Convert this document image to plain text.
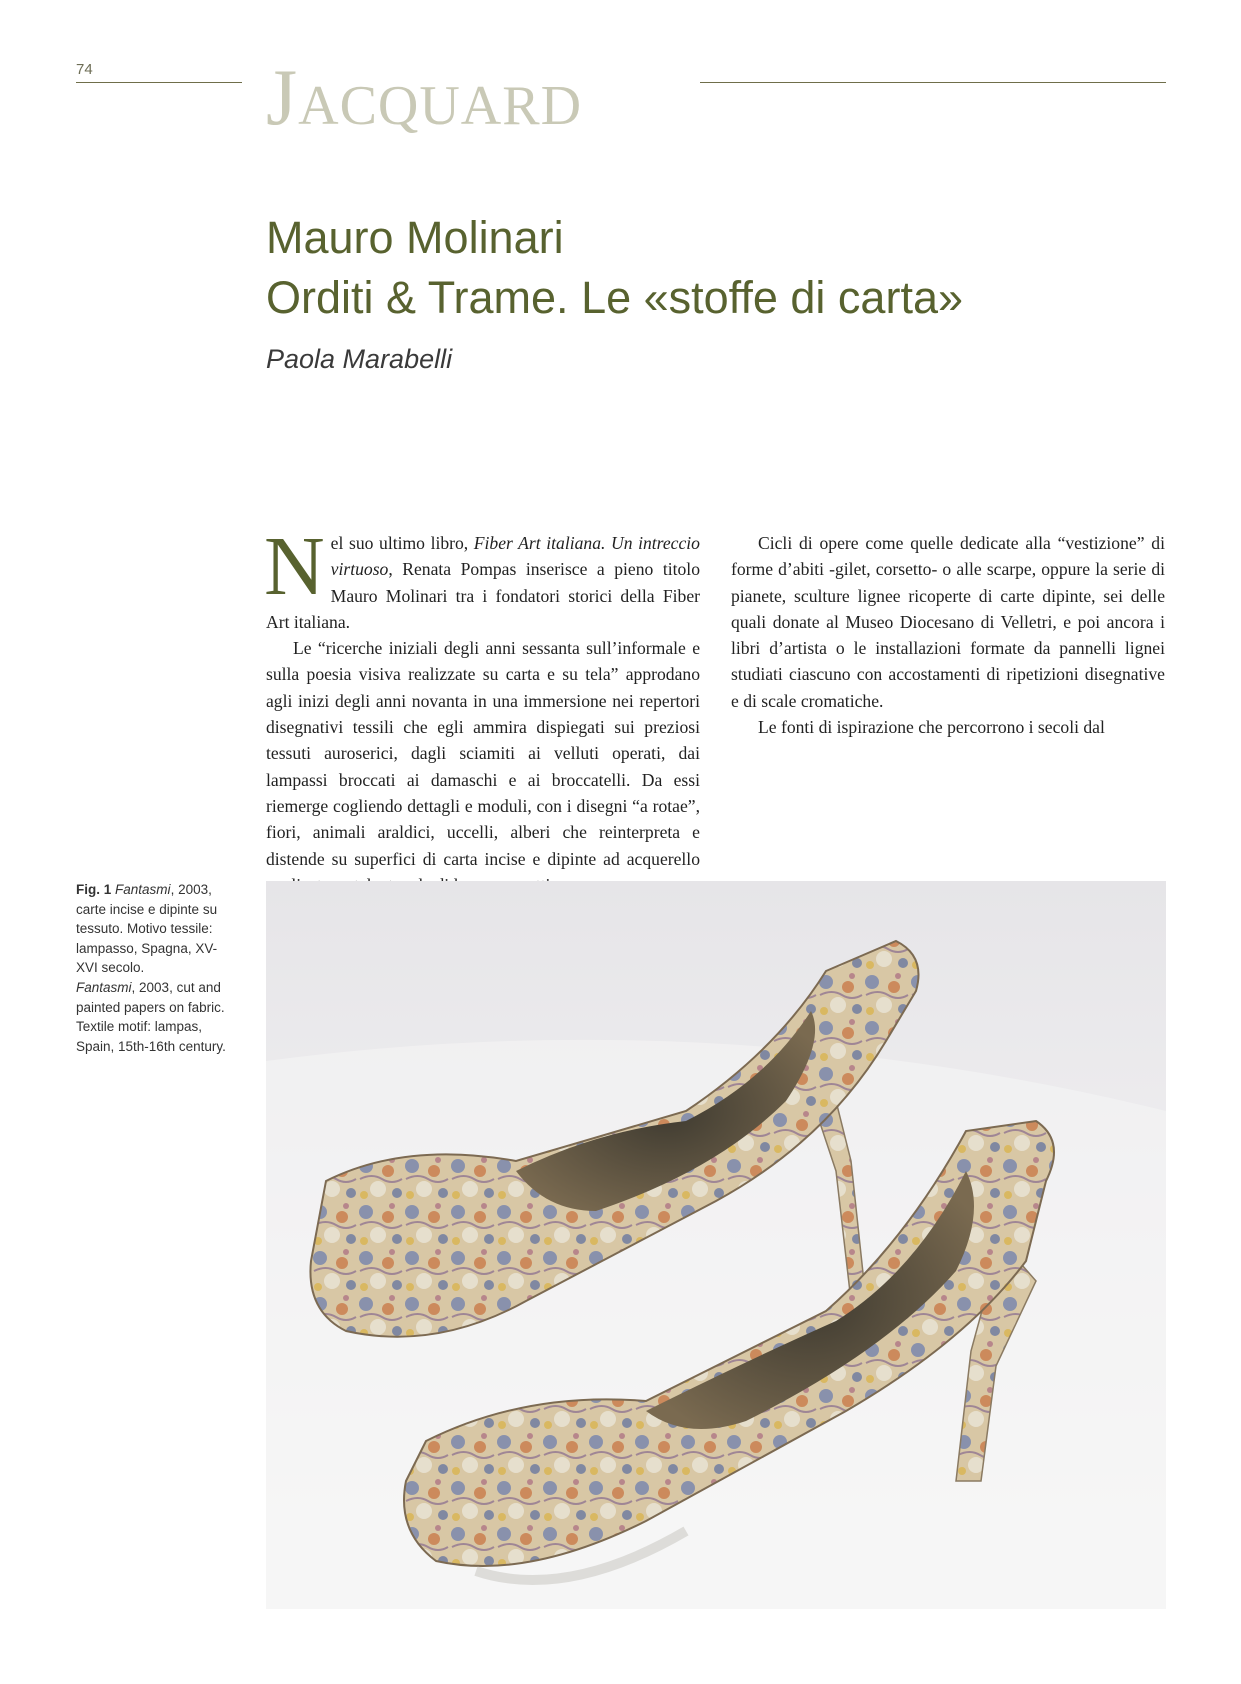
74 Jacquard
Mauro Molinari
Orditi & Trame. Le «stoffe di carta»
Paola Marabelli

Nel suo ultimo libro, Fiber Art italiana. Un intreccio virtuoso, Renata Pompas inserisce a pieno titolo Mauro Molinari tra i fondatori storici della Fiber Art italiana.

Le “ricerche iniziali degli anni sessanta sull’informale e sulla poesia visiva realizzate su carta e su tela” approdano agli inizi degli anni novanta in una immersione nei repertori disegnativi tessili che egli ammira dispiegati sui preziosi tessuti auroserici, dagli sciamiti ai velluti operati, dai lampassi broccati ai damaschi e ai broccatelli. Da essi riemerge cogliendo dettagli e moduli, con i disegni “a rotae”, fiori, animali araldici, uccelli, alberi che reinterpreta e distende su superfici di carta incise e dipinte ad acquerello

Cicli di opere come quelle dedicate alla “vestizione” di forme d’abiti -gilet, corsetto- o alle scarpe, oppure la serie di pianete, sculture lignee ricoperte di carte dipinte, sei delle quali donate al Museo Diocesano di Velletri, e poi ancora i libri d’artista o le installazioni formate da pannelli lignei studiati ciascuno con accostamenti di ripetizioni disegnative e di scale cromatiche.

Le fonti di ispirazione che percorrono i secoli dal

Fig. 1 Fantasmi, 2003, carte incise e dipinte su tessuto. Motivo tessile: lampasso, Spagna, XV-XVI secolo.
Fantasmi, 2003, cut and painted papers on fabric. Textile motif: lampas, Spain, 15th-16th century.
